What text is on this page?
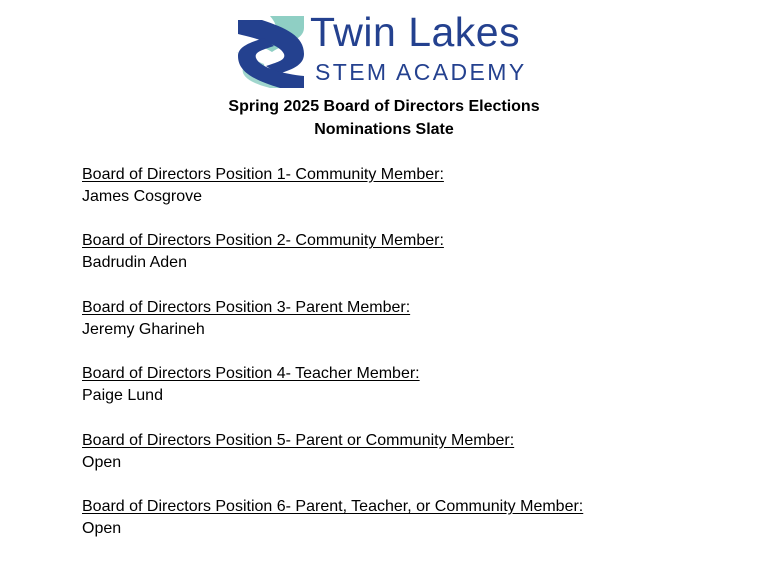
Twin Lakes
STEM ACADEMY
Spring 2025 Board of Directors Elections
Nominations Slate
Board of Directors Position 1- Community Member:
James Cosgrove
Board of Directors Position 2- Community Member:
Badrudin Aden
Board of Directors Position 3- Parent Member:
Jeremy Gharineh
Board of Directors Position 4- Teacher Member:
Paige Lund
Board of Directors Position 5- Parent or Community Member:
Open
Board of Directors Position 6- Parent, Teacher, or Community Member:
Open
